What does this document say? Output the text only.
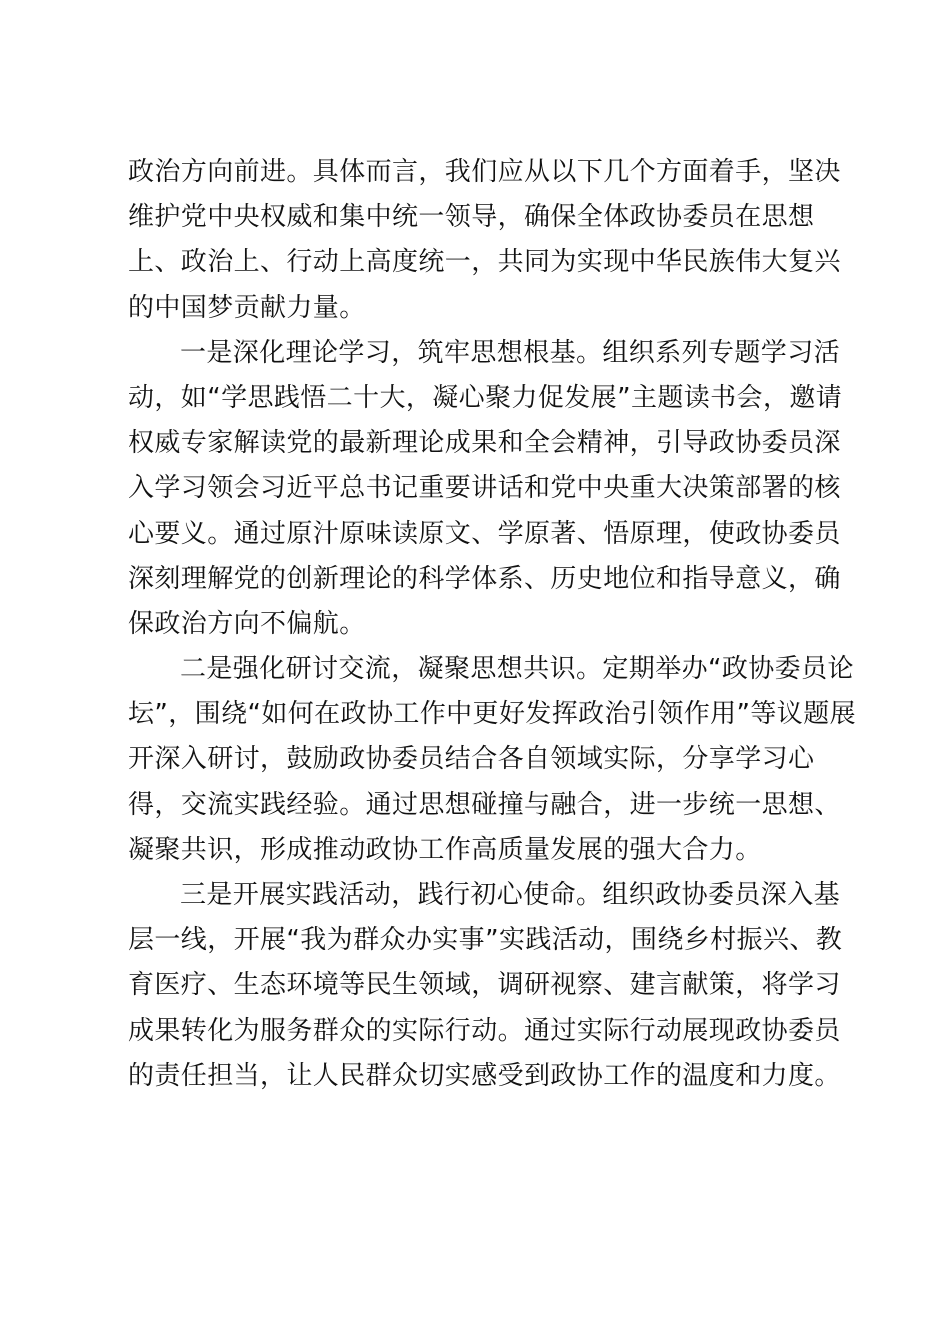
政治方向前进。具体而言，我们应从以下几个方面着手，坚决
维护党中央权威和集中统一领导，确保全体政协委员在思想
上、政治上、行动上高度统一，共同为实现中华民族伟大复兴
的中国梦贡献力量。
一是深化理论学习，筑牢思想根基。组织系列专题学习活
动，如“学思践悟二十大，凝心聚力促发展”主题读书会，邀请
权威专家解读党的最新理论成果和全会精神，引导政协委员深
入学习领会习近平总书记重要讲话和党中央重大决策部署的核
心要义。通过原汁原味读原文、学原著、悟原理，使政协委员
深刻理解党的创新理论的科学体系、历史地位和指导意义，确
保政治方向不偏航。
二是强化研讨交流，凝聚思想共识。定期举办“政协委员论
坛”，围绕“如何在政协工作中更好发挥政治引领作用”等议题展
开深入研讨，鼓励政协委员结合各自领域实际，分享学习心
得，交流实践经验。通过思想碰撞与融合，进一步统一思想、
凝聚共识，形成推动政协工作高质量发展的强大合力。
三是开展实践活动，践行初心使命。组织政协委员深入基
层一线，开展“我为群众办实事”实践活动，围绕乡村振兴、教
育医疗、生态环境等民生领域，调研视察、建言献策，将学习
成果转化为服务群众的实际行动。通过实际行动展现政协委员
的责任担当，让人民群众切实感受到政协工作的温度和力度。
